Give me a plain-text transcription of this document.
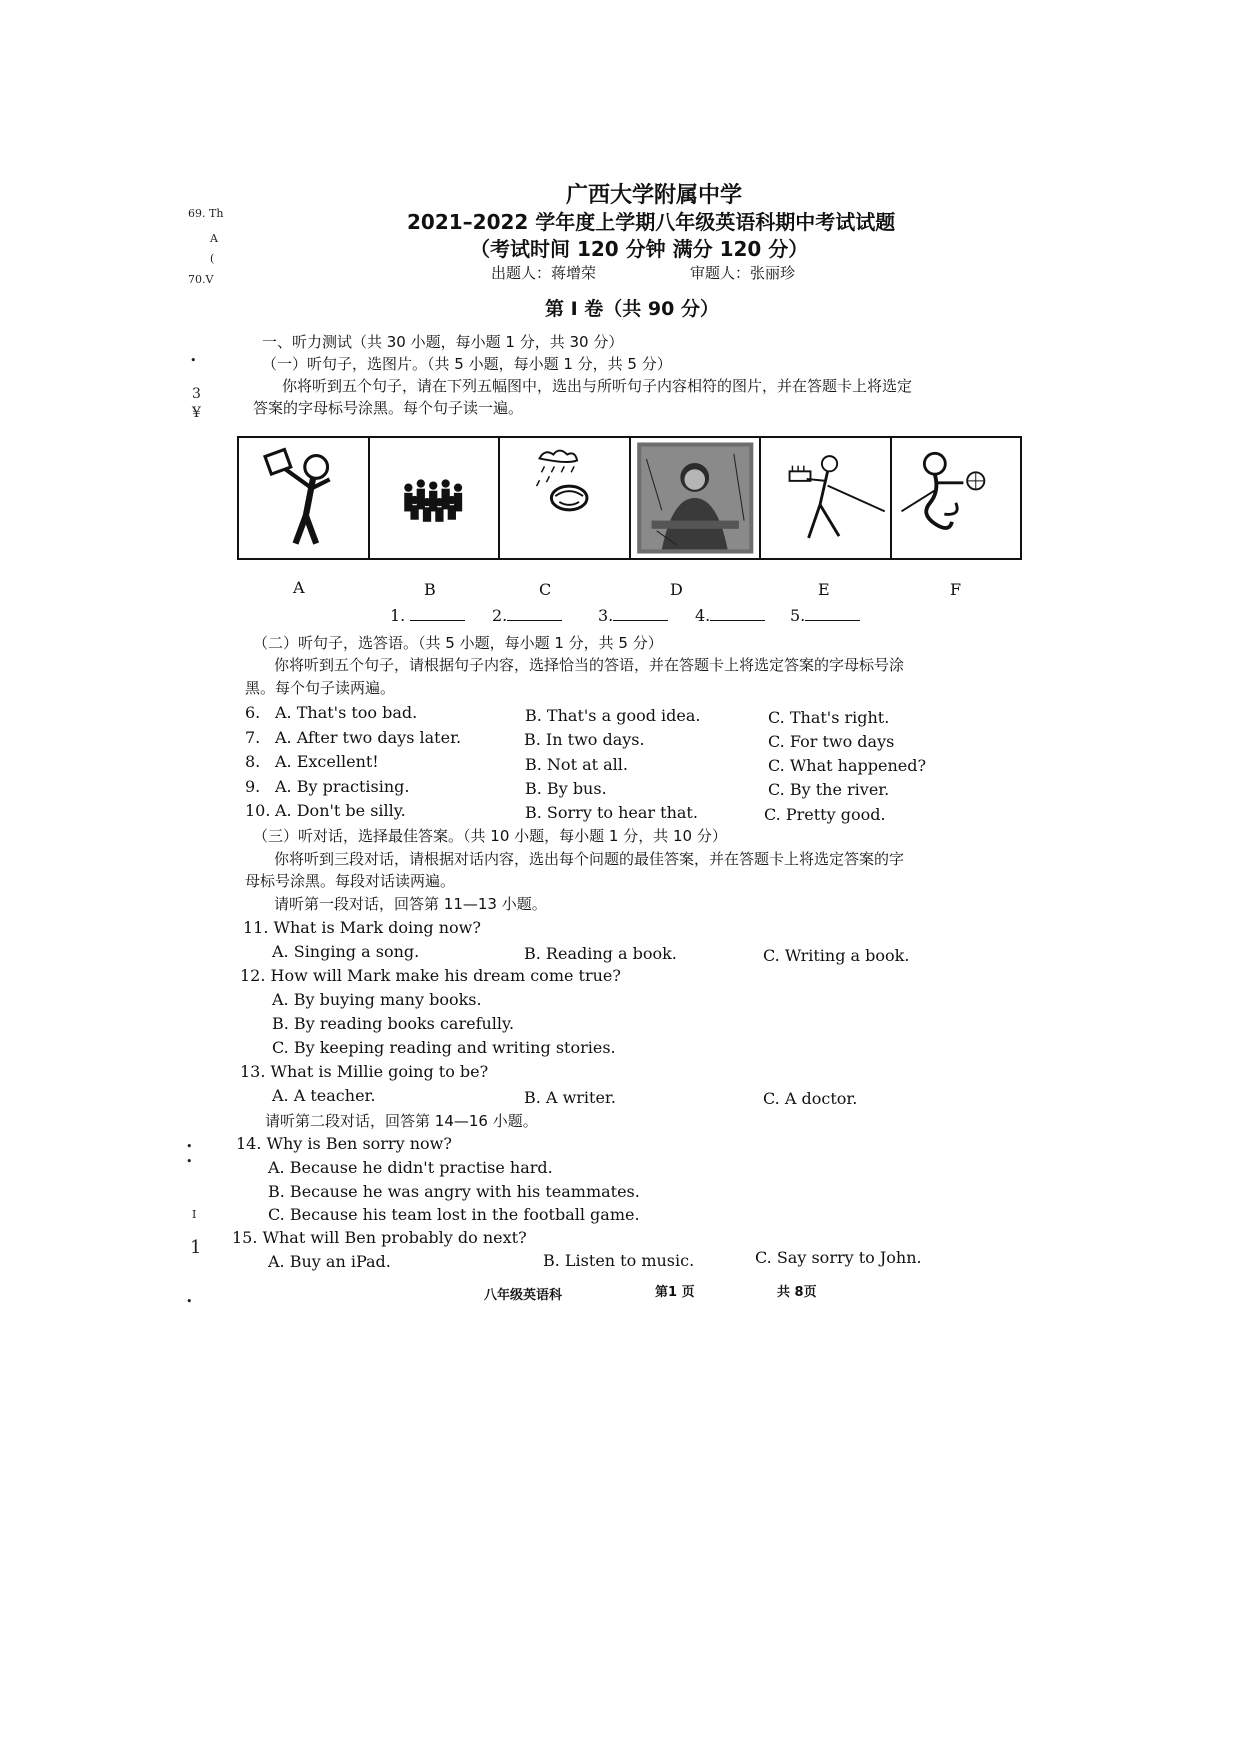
69. Th
A
(
70.V
•
3
¥
•
•
I
1
•
广西大学附属中学
2021–2022 学年度上学期八年级英语科期中考试试题
（考试时间 120 分钟 满分 120 分）
出题人：蒋增荣	审题人：张丽珍
第 I 卷（共 90 分）
一、听力测试（共 30 小题，每小题 1 分，共 30 分）
（一）听句子，选图片。（共 5 小题，每小题 1 分，共 5 分）
你将听到五个句子，请在下列五幅图中，选出与所听句子内容相符的图片，并在答题卡上将选定
答案的字母标号涂黑。每个句子读一遍。
A	B	C	D	E	F
1.	2.	3.	4.	5.
（二）听句子，选答语。（共 5 小题，每小题 1 分，共 5 分）
你将听到五个句子，请根据句子内容，选择恰当的答语，并在答题卡上将选定答案的字母标号涂
黑。每个句子读两遍。
6. A. That's too bad.	B. That's a good idea.	C. That's right.
7. A. After two days later.	B. In two days.	C. For two days
8. A. Excellent!	B. Not at all.	C. What happened?
9. A. By practising.	B. By bus.	C. By the river.
10. A. Don't be silly.	B. Sorry to hear that.	C. Pretty good.
（三）听对话，选择最佳答案。（共 10 小题，每小题 1 分，共 10 分）
你将听到三段对话，请根据对话内容，选出每个问题的最佳答案，并在答题卡上将选定答案的字
母标号涂黑。每段对话读两遍。
请听第一段对话，回答第 11—13 小题。
11. What is Mark doing now?
A. Singing a song.	B. Reading a book.	C. Writing a book.
12. How will Mark make his dream come true?
A. By buying many books.
B. By reading books carefully.
C. By keeping reading and writing stories.
13. What is Millie going to be?
A. A teacher.	B. A writer.	C. A doctor.
请听第二段对话，回答第 14—16 小题。
14. Why is Ben sorry now?
A. Because he didn't practise hard.
B. Because he was angry with his teammates.
C. Because his team lost in the football game.
15. What will Ben probably do next?
A. Buy an iPad.	B. Listen to music.	C. Say sorry to John.
八年级英语科	第1 页	共 8页
